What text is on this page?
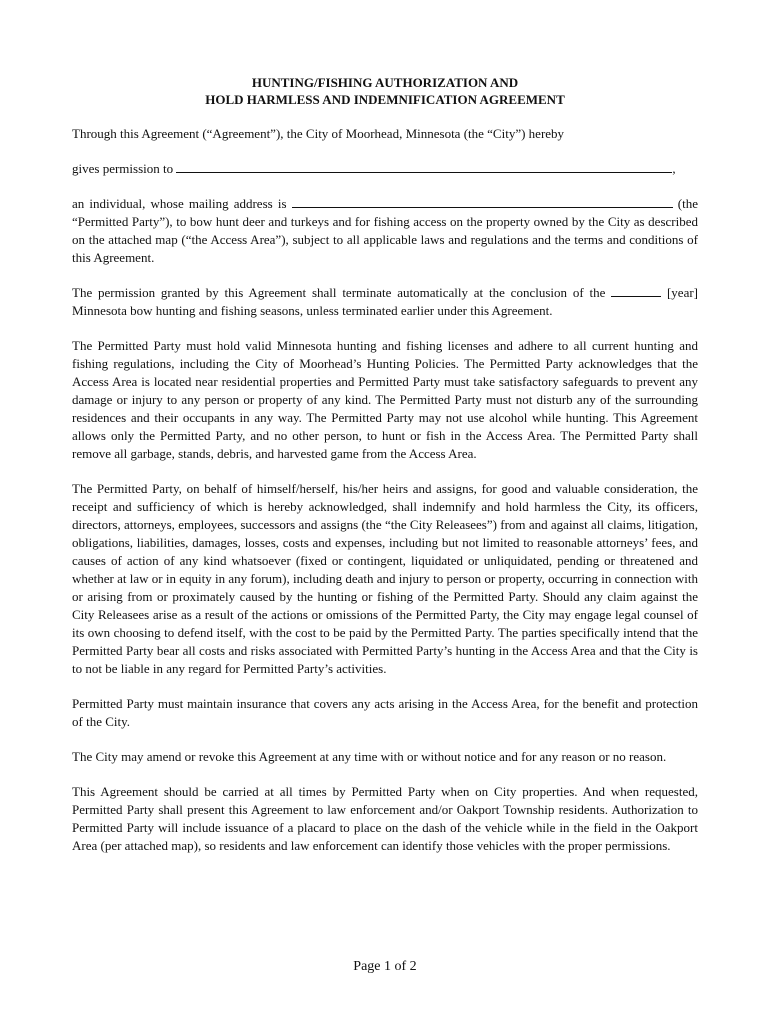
HUNTING/FISHING AUTHORIZATION AND

HOLD HARMLESS AND INDEMNIFICATION AGREEMENT

Through this Agreement (“Agreement”), the City of Moorhead, Minnesota (the “City”) hereby

gives permission to	,

an individual, whose mailing address is	(the “Permitted Party”), to bow hunt deer and turkeys and for fishing access on the property owned by the City as described on the attached map (“the Access Area”), subject to all applicable laws and regulations and the terms and conditions of this Agreement.

The permission granted by this Agreement shall terminate automatically at the conclusion of the	[year] Minnesota bow hunting and fishing seasons, unless terminated earlier under this Agreement.

The Permitted Party must hold valid Minnesota hunting and fishing licenses and adhere to all current hunting and fishing regulations, including the City of Moorhead’s Hunting Policies. The Permitted Party acknowledges that the Access Area is located near residential properties and Permitted Party must take satisfactory safeguards to prevent any damage or injury to any person or property of any kind. The Permitted Party must not disturb any of the surrounding residences and their occupants in any way. The Permitted Party may not use alcohol while hunting. This Agreement allows only the Permitted Party, and no other person, to hunt or fish in the Access Area. The Permitted Party shall remove all garbage, stands, debris, and harvested game from the Access Area.

The Permitted Party, on behalf of himself/herself, his/her heirs and assigns, for good and valuable consideration, the receipt and sufficiency of which is hereby acknowledged, shall indemnify and hold harmless the City, its officers, directors, attorneys, employees, successors and assigns (the “the City Releasees”) from and against all claims, litigation, obligations, liabilities, damages, losses, costs and expenses, including but not limited to reasonable attorneys’ fees, and causes of action of any kind whatsoever (fixed or contingent, liquidated or unliquidated, pending or threatened and whether at law or in equity in any forum), including death and injury to person or property, occurring in connection with or arising from or proximately caused by the hunting or fishing of the Permitted Party. Should any claim against the City Releasees arise as a result of the actions or omissions of the Permitted Party, the City may engage legal counsel of its own choosing to defend itself, with the cost to be paid by the Permitted Party. The parties specifically intend that the Permitted Party bear all costs and risks associated with Permitted Party’s hunting in the Access Area and that the City is to not be liable in any regard for Permitted Party’s activities.

Permitted Party must maintain insurance that covers any acts arising in the Access Area, for the benefit and protection of the City.

The City may amend or revoke this Agreement at any time with or without notice and for any reason or no reason.

This Agreement should be carried at all times by Permitted Party when on City properties. And when requested, Permitted Party shall present this Agreement to law enforcement and/or Oakport Township residents. Authorization to Permitted Party will include issuance of a placard to place on the dash of the vehicle while in the field in the Oakport Area (per attached map), so residents and law enforcement can identify those vehicles with the proper permissions.

Page 1 of 2
